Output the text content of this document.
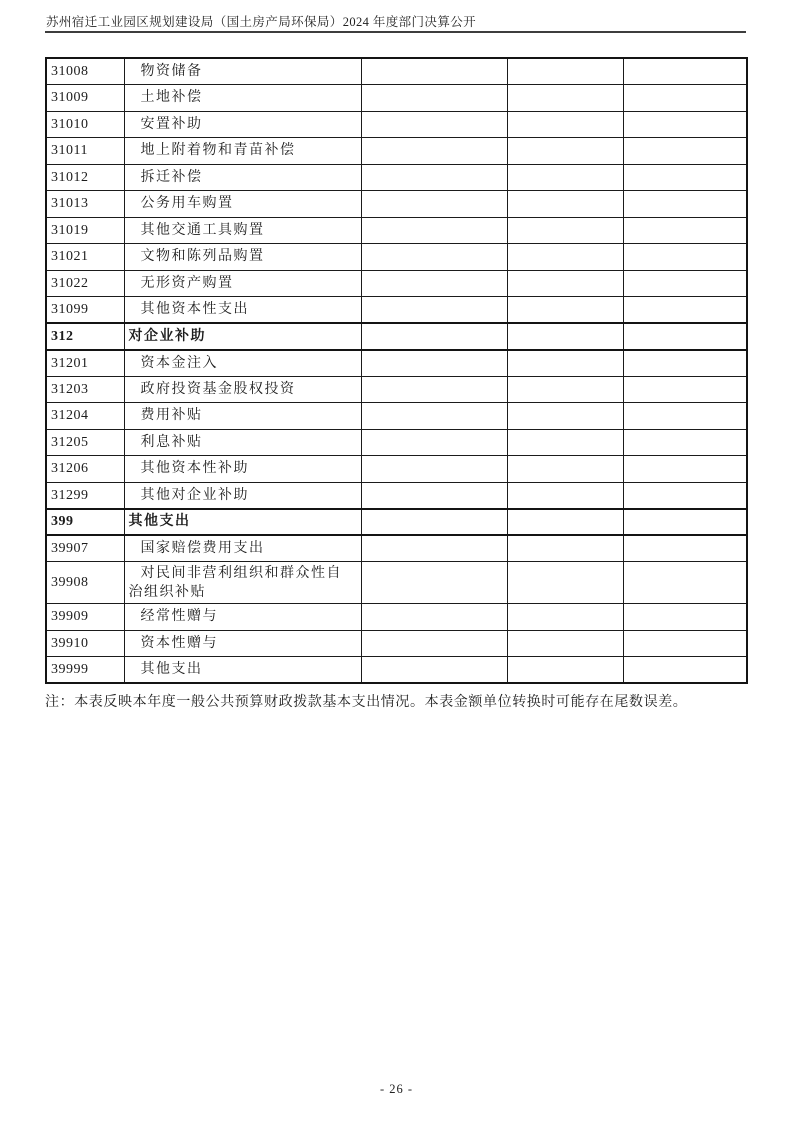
苏州宿迁工业园区规划建设局（国土房产局环保局）2024 年度部门决算公开
31008	物资储备			
31009	土地补偿			
31010	安置补助			
31011	地上附着物和青苗补偿			
31012	拆迁补偿			
31013	公务用车购置			
31019	其他交通工具购置			
31021	文物和陈列品购置			
31022	无形资产购置			
31099	其他资本性支出			
312	对企业补助			
31201	资本金注入			
31203	政府投资基金股权投资			
31204	费用补贴			
31205	利息补贴			
31206	其他资本性补助			
31299	其他对企业补助			
399	其他支出			
39907	国家赔偿费用支出			
39908	对民间非营利组织和群众性自治组织补贴			
39909	经常性赠与			
39910	资本性赠与			
39999	其他支出			
注：本表反映本年度一般公共预算财政拨款基本支出情况。本表金额单位转换时可能存在尾数误差。
- 26 -
